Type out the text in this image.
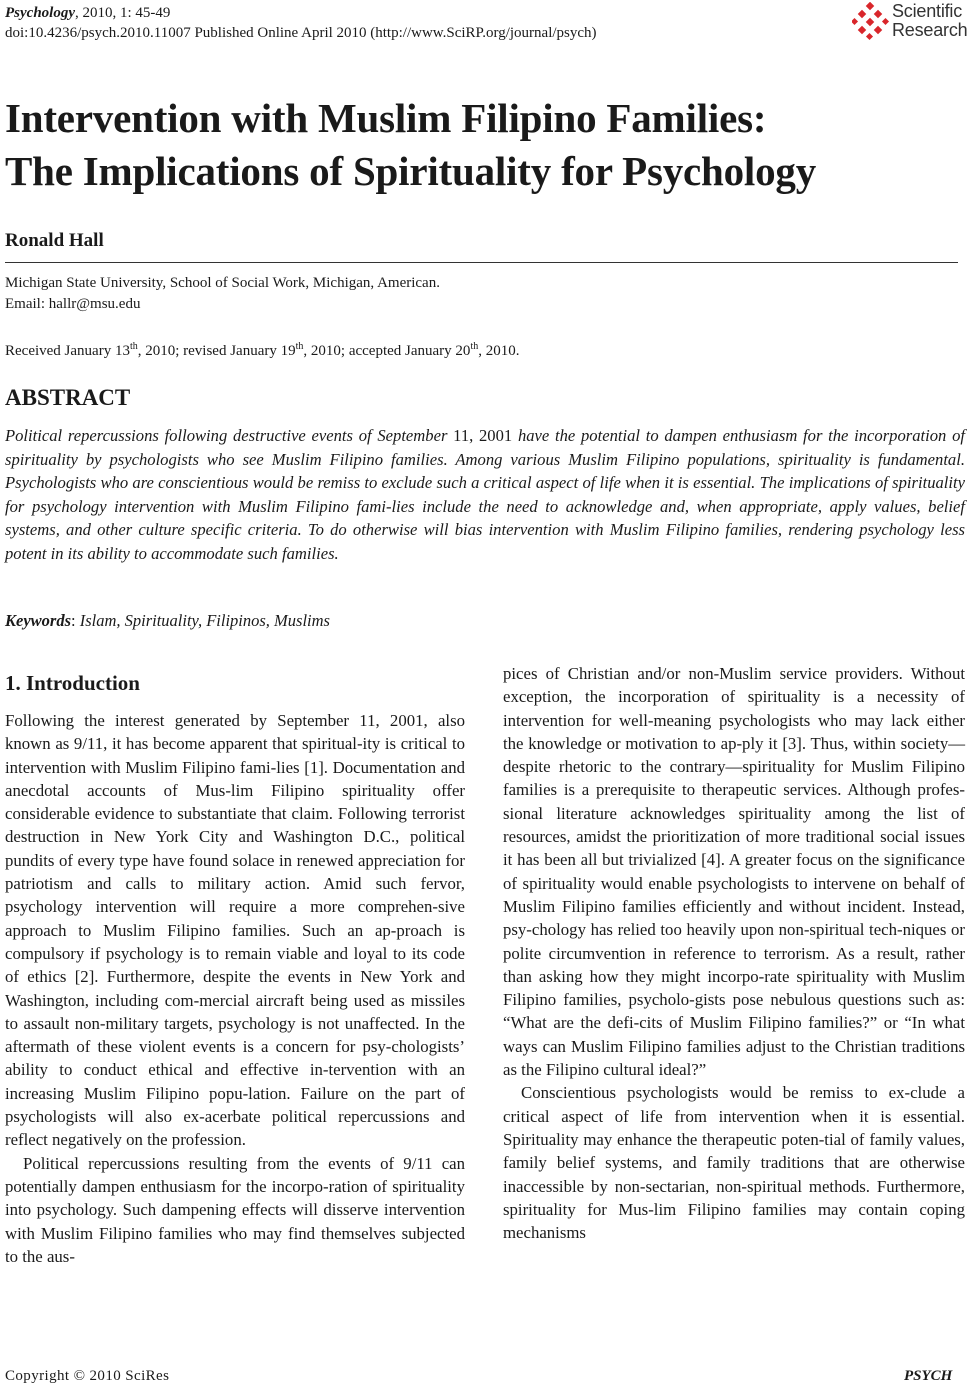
Psychology, 2010, 1: 45-49
doi:10.4236/psych.2010.11007 Published Online April 2010 (http://www.SciRP.org/journal/psych)
Scientific
Research
Intervention with Muslim Filipino Families:
The Implications of Spirituality for Psychology
Ronald Hall
Michigan State University, School of Social Work, Michigan, American.
Email: hallr@msu.edu
Received January 13th, 2010; revised January 19th, 2010; accepted January 20th, 2010.
ABSTRACT
Political repercussions following destructive events of September 11, 2001 have the potential to dampen enthusiasm for the incorporation of spirituality by psychologists who see Muslim Filipino families. Among various Muslim Filipino populations, spirituality is fundamental. Psychologists who are conscientious would be remiss to exclude such a critical aspect of life when it is essential. The implications of spirituality for psychology intervention with Muslim Filipino fami-lies include the need to acknowledge and, when appropriate, apply values, belief systems, and other culture specific criteria. To do otherwise will bias intervention with Muslim Filipino families, rendering psychology less potent in its ability to accommodate such families.
Keywords: Islam, Spirituality, Filipinos, Muslims
1. Introduction

Following the interest generated by September 11, 2001, also known as 9/11, it has become apparent that spiritual-ity is critical to intervention with Muslim Filipino fami-lies [1]. Documentation and anecdotal accounts of Mus-lim Filipino spirituality offer considerable evidence to substantiate that claim. Following terrorist destruction in New York City and Washington D.C., political pundits of every type have found solace in renewed appreciation for patriotism and calls to military action. Amid such fervor, psychology intervention will require a more comprehen-sive approach to Muslim Filipino families. Such an ap-proach is compulsory if psychology is to remain viable and loyal to its code of ethics [2]. Furthermore, despite the events in New York and Washington, including com-mercial aircraft being used as missiles to assault non-military targets, psychology is not unaffected. In the aftermath of these violent events is a concern for psy-chologists’ ability to conduct ethical and effective in-tervention with an increasing Muslim Filipino popu-lation. Failure on the part of psychologists will also ex-acerbate political repercussions and reflect negatively on the profession.

Political repercussions resulting from the events of 9/11 can potentially dampen enthusiasm for the incorpo-ration of spirituality into psychology. Such dampening effects will disserve intervention with Muslim Filipino families who may find themselves subjected to the aus-

pices of Christian and/or non-Muslim service providers. Without exception, the incorporation of spirituality is a necessity of intervention for well-meaning psychologists who may lack either the knowledge or motivation to ap-ply it [3]. Thus, within society—despite rhetoric to the contrary—spirituality for Muslim Filipino families is a prerequisite to therapeutic services. Although profes-sional literature acknowledges spirituality among the list of resources, amidst the prioritization of more traditional social issues it has been all but trivialized [4]. A greater focus on the significance of spirituality would enable psychologists to intervene on behalf of Muslim Filipino families efficiently and without incident. Instead, psy-chology has relied too heavily upon non-spiritual tech-niques or polite circumvention in reference to terrorism. As a result, rather than asking how they might incorpo-rate spirituality with Muslim Filipino families, psycholo-gists pose nebulous questions such as: “What are the defi-cits of Muslim Filipino families?” or “In what ways can Muslim Filipino families adjust to the Christian traditions as the Filipino cultural ideal?”

Conscientious psychologists would be remiss to ex-clude a critical aspect of life from intervention when it is essential. Spirituality may enhance the therapeutic poten-tial of family values, family belief systems, and family traditions that are otherwise inaccessible by non-sectarian, non-spiritual methods. Furthermore, spirituality for Mus-lim Filipino families may contain coping mechanisms

Copyright © 2010 SciRes	PSYCH
